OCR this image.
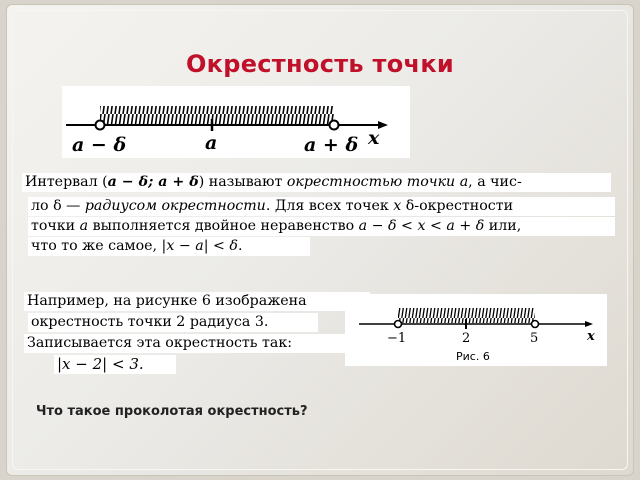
Окрестность точки
a − δ	a	a + δ x
Интервал (a − δ; a + δ) называют окрестностью точки a, а чис-
ло δ — радиусом окрестности. Для всех точек x δ-окрестности
точки a выполняется двойное неравенство a − δ < x < a + δ или,
что то же самое, |x − a| < δ.
Например, на рисунке 6 изображена
окрестность точки 2 радиуса 3.
Записывается эта окрестность так:
|x − 2| < 3.
−1	2	5	x
Рис. 6
Что такое проколотая окрестность?
